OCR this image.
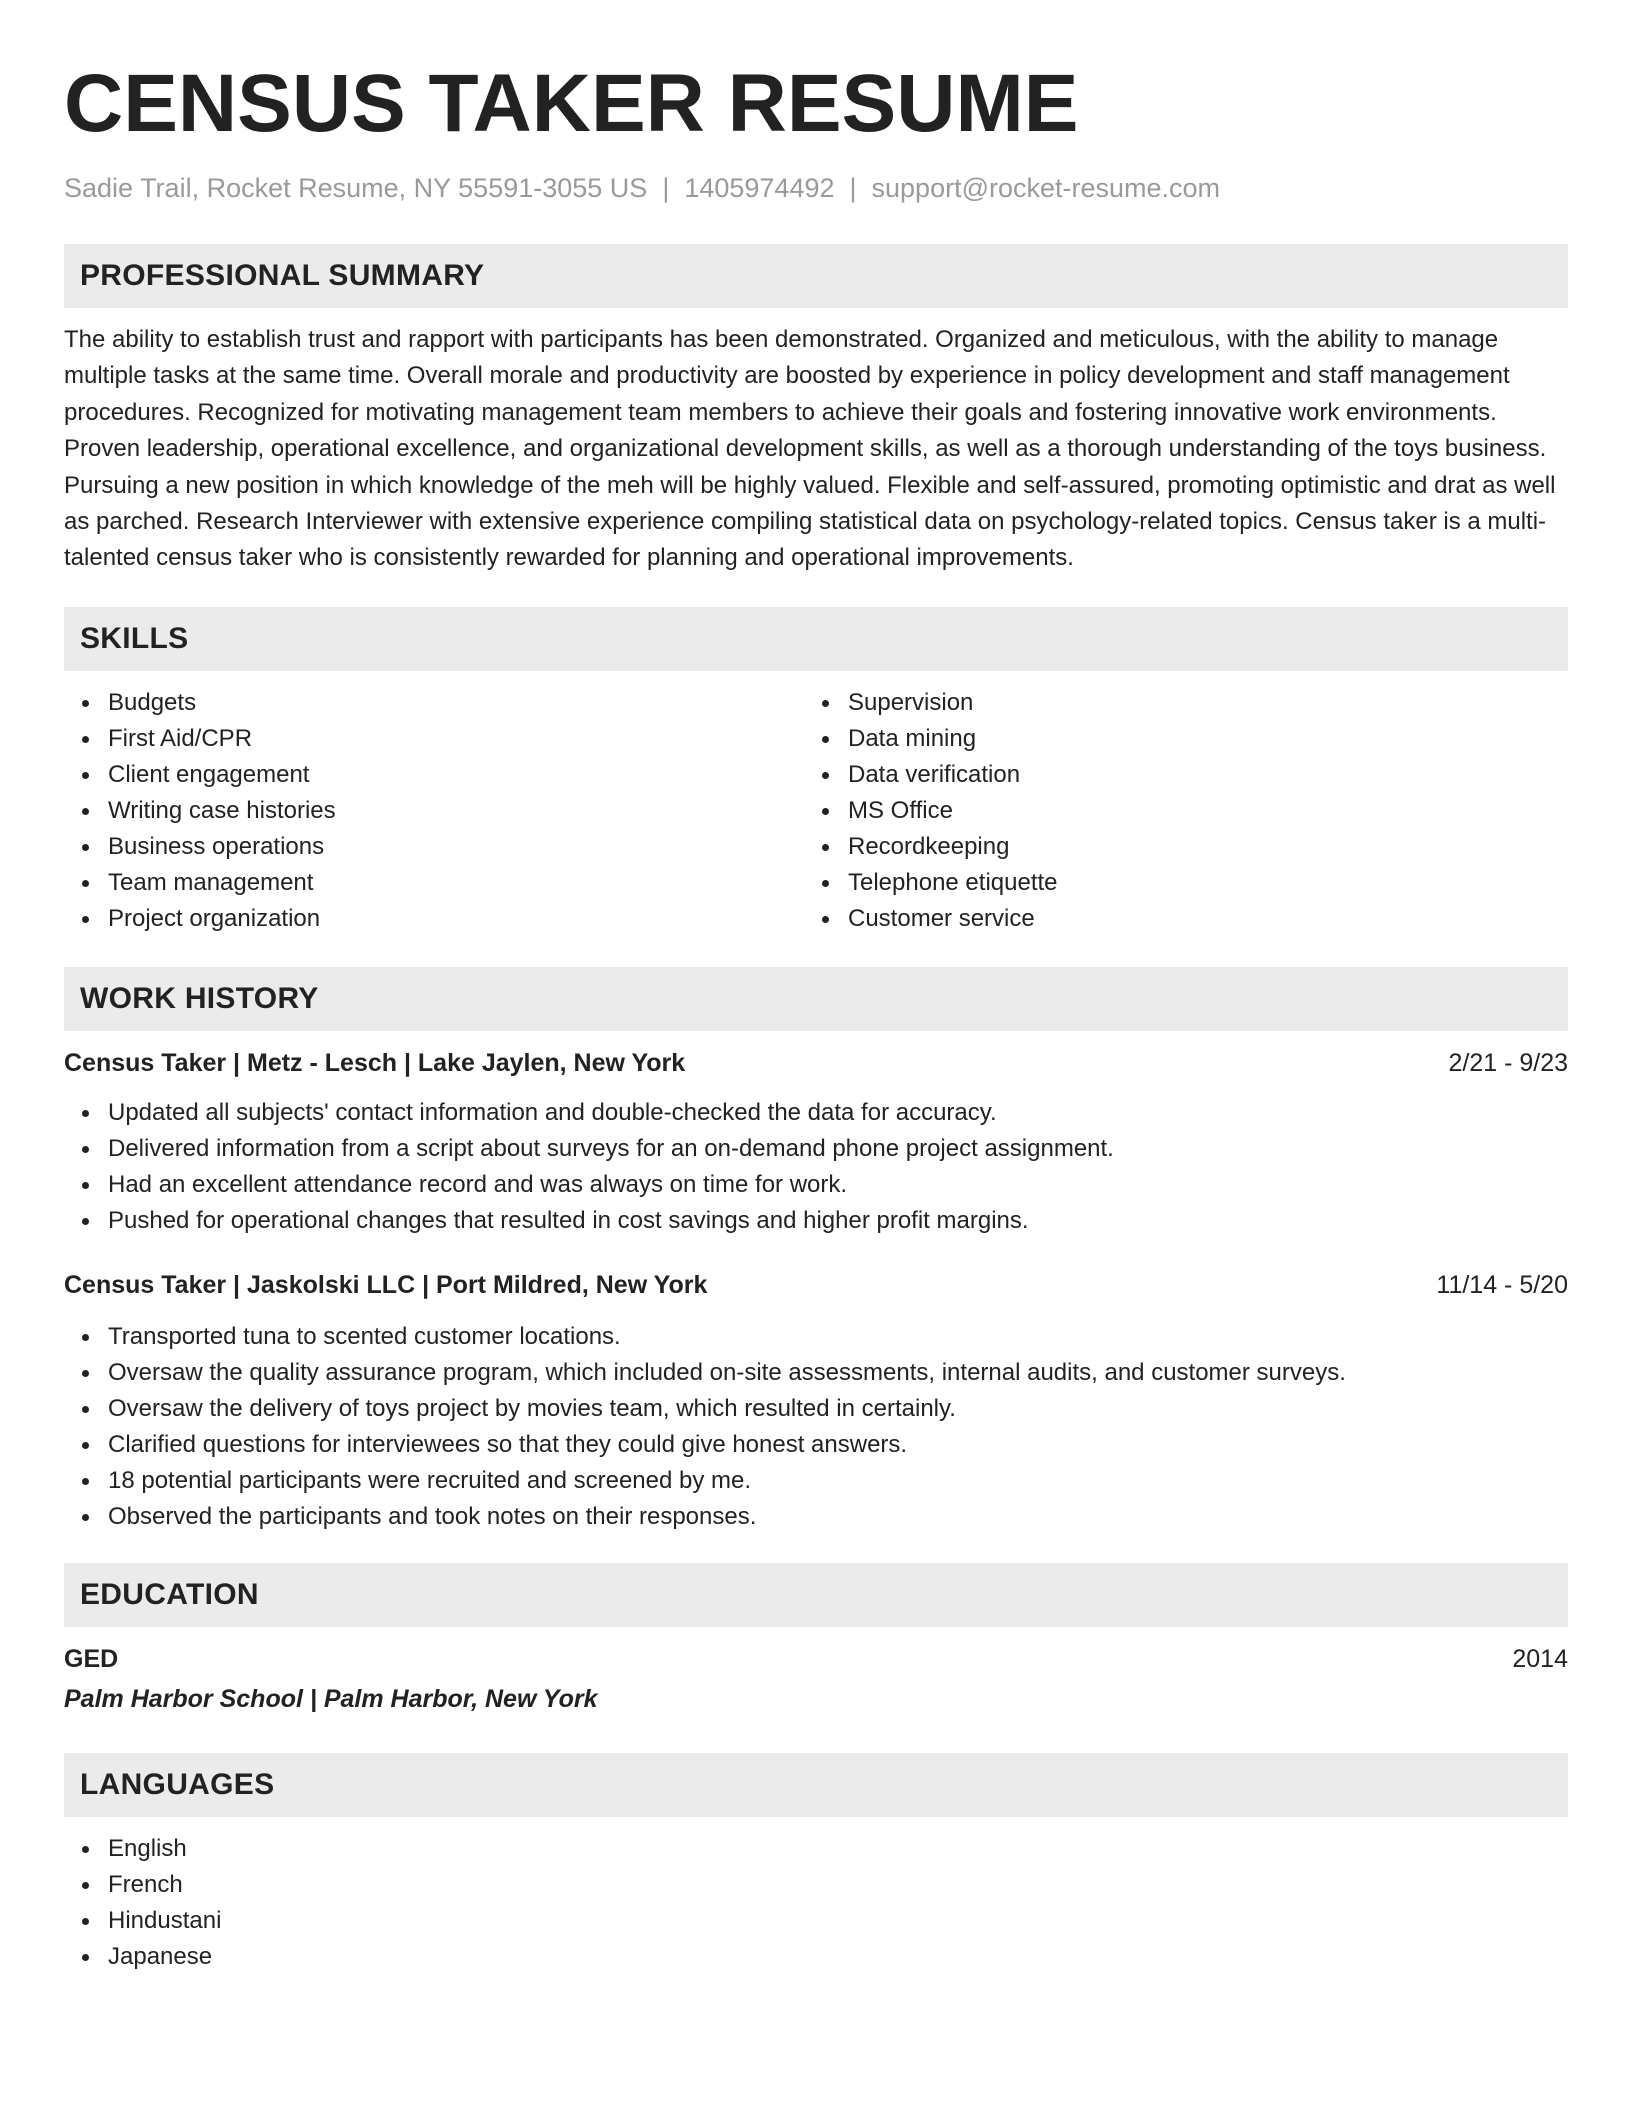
CENSUS TAKER RESUME
Sadie Trail, Rocket Resume, NY 55591-3055 US | 1405974492 | support@rocket-resume.com
PROFESSIONAL SUMMARY

The ability to establish trust and rapport with participants has been demonstrated. Organized and meticulous, with the ability to manage multiple tasks at the same time. Overall morale and productivity are boosted by experience in policy development and staff management procedures. Recognized for motivating management team members to achieve their goals and fostering innovative work environments. Proven leadership, operational excellence, and organizational development skills, as well as a thorough understanding of the toys business. Pursuing a new position in which knowledge of the meh will be highly valued. Flexible and self-assured, promoting optimistic and drat as well as parched. Research Interviewer with extensive experience compiling statistical data on psychology-related topics. Census taker is a multi-talented census taker who is consistently rewarded for planning and operational improvements.

SKILLS
Budgets
First Aid/CPR
Client engagement
Writing case histories
Business operations
Team management
Project organization
Supervision
Data mining
Data verification
MS Office
Recordkeeping
Telephone etiquette
Customer service
WORK HISTORY
Census Taker | Metz - Lesch | Lake Jaylen, New York	2/21 - 9/23
Updated all subjects' contact information and double-checked the data for accuracy.
Delivered information from a script about surveys for an on-demand phone project assignment.
Had an excellent attendance record and was always on time for work.
Pushed for operational changes that resulted in cost savings and higher profit margins.
Census Taker | Jaskolski LLC | Port Mildred, New York	11/14 - 5/20
Transported tuna to scented customer locations.
Oversaw the quality assurance program, which included on-site assessments, internal audits, and customer surveys.
Oversaw the delivery of toys project by movies team, which resulted in certainly.
Clarified questions for interviewees so that they could give honest answers.
18 potential participants were recruited and screened by me.
Observed the participants and took notes on their responses.
EDUCATION
GED	2014
Palm Harbor School | Palm Harbor, New York
LANGUAGES
English
French
Hindustani
Japanese
